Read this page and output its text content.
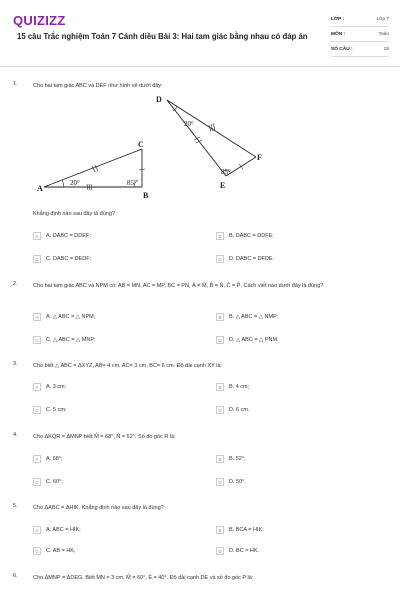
QUIZIZZ
15 câu Trắc nghiệm Toán 7 Cánh diều Bài 3: Hai tam giác bằng nhau có đáp án
LỚP :	Lớp 7
MÔN :	Toán
SỐ CÂU :	15
1.	Cho hai tam giác ABC và DEF như hình vẽ dưới đây:
A
B
C
20°	85°
D
E
F
20°
85°
Khẳng định nào sau đây là đúng?
A	A. DABC = DDEF;	B	B. DABC = DDFE;
C	C. DABC = DEDF;	D	D. DABC = DFDE.
2.	Cho hai tam giác ABC và NPM có: AB = MN, AC = MP, BC = PN, Â = M̂, B̂ = N̂, Ĉ = P̂. Cách viết nào dưới đây là đúng?
A	A. △ ABC = △ NPM;	B	B. △ ABC = △ NMP;
C	C. △ ABC = △ MNP;	D	D. △ ABC = △ PNM.
3.	Cho biết △ ABC = ΔXYZ, AB= 4 cm, AC= 3 cm, BC= 6 cm. Độ dài cạnh XY là:
A	A. 3 cm;	B	B. 4 cm;
C	C. 5 cm;	D	D. 6 cm.
4.	Cho ΔKQR = ΔMNP biết M̂ = 68°, N̂ = 52°. Số đo góc R là:
A	A. 68°;	B	B. 52°;
C	C. 60°;	D	D. 50°.
5.	Cho ΔABC = ΔHIK. Khẳng định nào sau đây là đúng?
A	A. ABC = HIK;	B	B. BCA = HIK;
C	C. AB = HK;	D	D. BC = HK.
6.	Cho ΔMNP = ΔDEG. Biết MN = 3 cm, M̂ = 60°, Ê = 40°. Độ dài cạnh DE và số đo góc P là:
